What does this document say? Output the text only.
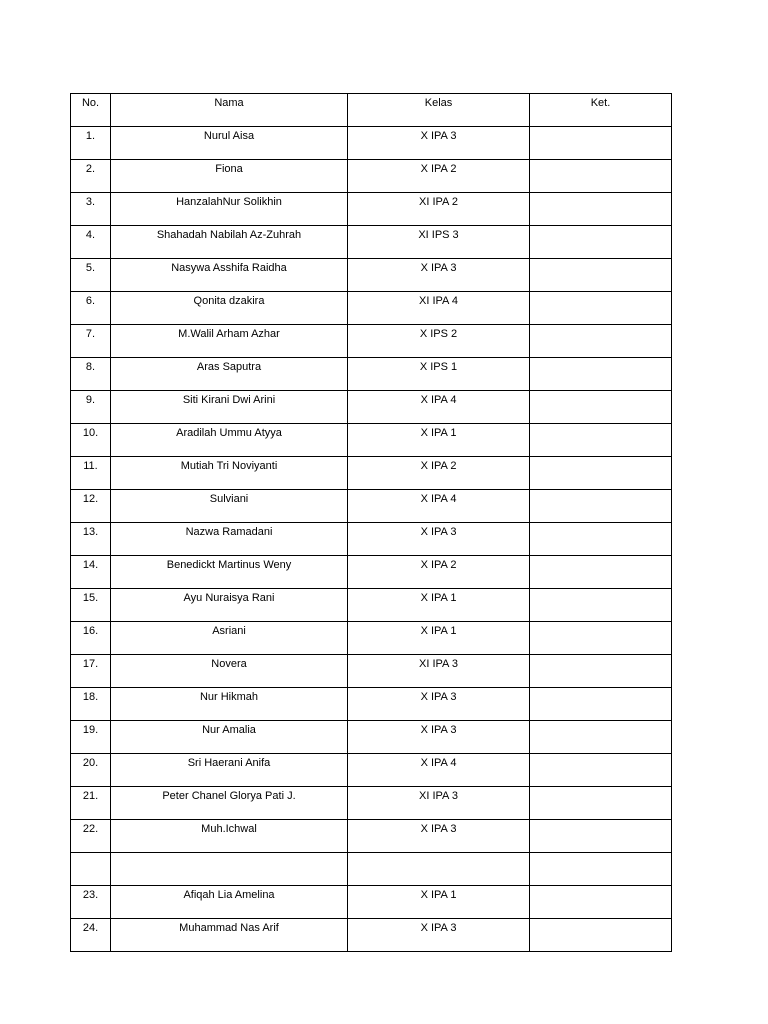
No.	Nama	Kelas	Ket.
1.	Nurul Aisa	X IPA 3	
2.	Fiona	X IPA 2	
3.	HanzalahNur Solikhin	XI IPA 2	
4.	Shahadah Nabilah Az-Zuhrah	XI IPS 3	
5.	Nasywa Asshifa Raidha	X IPA 3	
6.	Qonita dzakira	XI IPA 4	
7.	M.Walil Arham Azhar	X IPS 2	
8.	Aras Saputra	X IPS 1	
9.	Siti Kirani Dwi Arini	X IPA 4	
10.	Aradilah Ummu Atyya	X IPA 1	
11.	Mutiah Tri Noviyanti	X IPA 2	
12.	Sulviani	X IPA 4	
13.	Nazwa Ramadani	X IPA 3	
14.	Benedickt Martinus Weny	X IPA 2	
15.	Ayu Nuraisya Rani	X IPA 1	
16.	Asriani	X IPA 1	
17.	Novera	XI IPA 3	
18.	Nur Hikmah	X IPA 3	
19.	Nur Amalia	X IPA 3	
20.	Sri Haerani Anifa	X IPA 4	
21.	Peter Chanel Glorya Pati J.	XI IPA 3	
22.	Muh.Ichwal	X IPA 3	

23.	Afiqah Lia Amelina	X IPA 1	
24.	Muhammad Nas Arif	X IPA 3	
